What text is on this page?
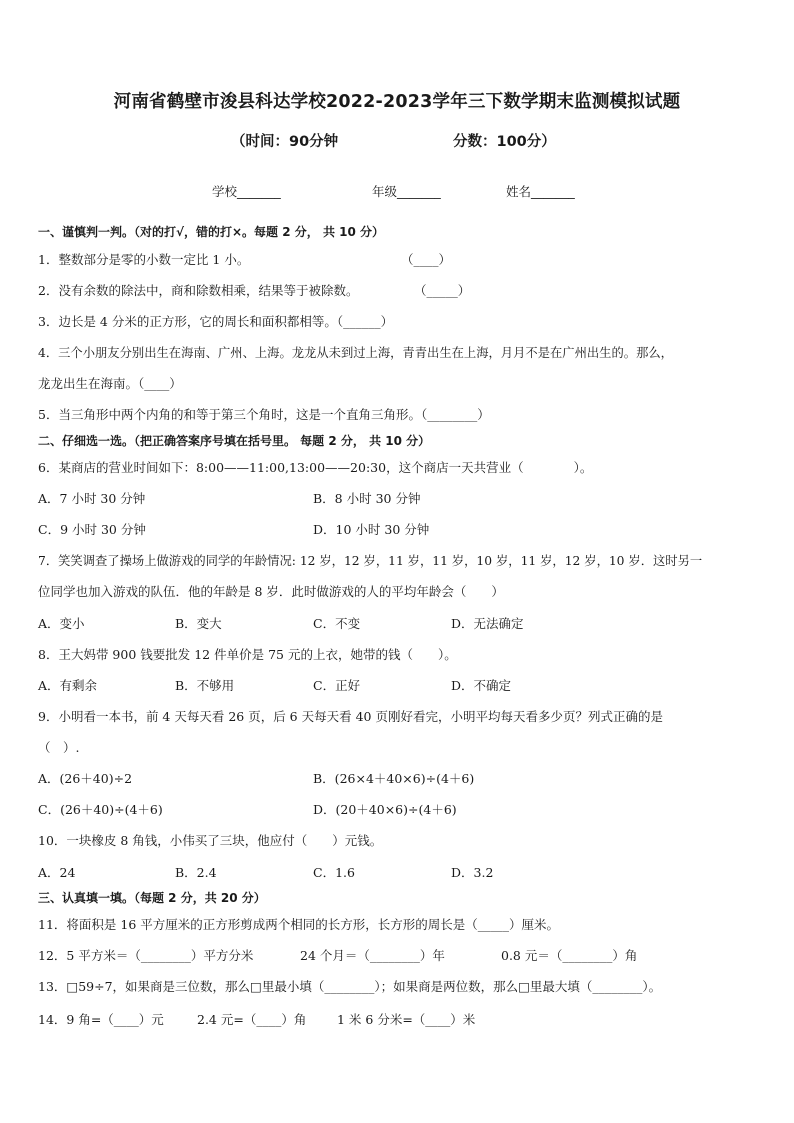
河南省鹤壁市浚县科达学校2022-2023学年三下数学期末监测模拟试题
（时间：90分钟	分数：100分）
学校_______	年级_______	姓名_______
一、谨慎判一判。（对的打√，错的打×。每题 2 分， 共 10 分）
1．整数部分是零的小数一定比 1 小。	（____）
2．没有余数的除法中，商和除数相乘，结果等于被除数。	（_____）
3．边长是 4 分米的正方形，它的周长和面积都相等。（______）
4．三个小朋友分别出生在海南、广州、上海。龙龙从未到过上海，青青出生在上海，月月不是在广州出生的。那么，
龙龙出生在海南。（____）
5．当三角形中两个内角的和等于第三个角时，这是一个直角三角形。（________）
二、仔细选一选。（把正确答案序号填在括号里。 每题 2 分， 共 10 分）
6．某商店的营业时间如下：8:00——11:00,13:00——20:30，这个商店一天共营业（　　　　）。
A．7 小时 30 分钟	B．8 小时 30 分钟
C．9 小时 30 分钟	D．10 小时 30 分钟
7．笑笑调查了操场上做游戏的同学的年龄情况: 12 岁，12 岁，11 岁，11 岁，10 岁，11 岁，12 岁，10 岁．这时另一
位同学也加入游戏的队伍．他的年龄是 8 岁．此时做游戏的人的平均年龄会（　　）
A．变小	B．变大	C．不变	D．无法确定
8．王大妈带 900 钱要批发 12 件单价是 75 元的上衣，她带的钱（　　）。
A．有剩余	B．不够用	C．正好	D．不确定
9．小明看一本书，前 4 天每天看 26 页，后 6 天每天看 40 页刚好看完，小明平均每天看多少页？列式正确的是
（　）.
A．(26＋40)÷2	B．(26×4＋40×6)÷(4＋6)
C．(26＋40)÷(4＋6)	D．(20＋40×6)÷(4＋6)
10．一块橡皮 8 角钱，小伟买了三块，他应付（　　）元钱。
A．24	B．2.4	C．1.6	D．3.2
三、认真填一填。（每题 2 分，共 20 分）
11．将面积是 16 平方厘米的正方形剪成两个相同的长方形，长方形的周长是（_____）厘米。
12．5 平方米＝（________）平方分米	24 个月＝（________）年	0.8 元＝（________）角
13．□59÷7，如果商是三位数，那么□里最小填（________）；如果商是两位数，那么□里最大填（________）。
14．9 角=（____）元	2.4 元=（____）角 1 米 6 分米=（____）米
